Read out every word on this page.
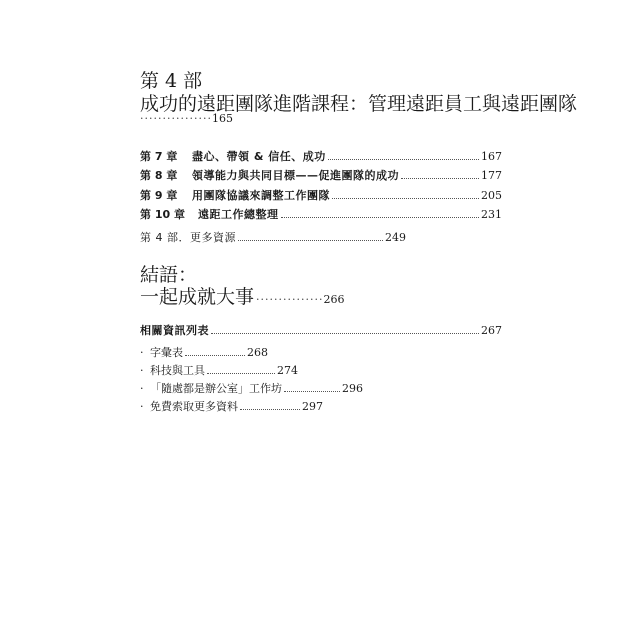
第 4 部
成功的遠距團隊進階課程：管理遠距員工與遠距團隊
················165
第 7 章	盡心、帶領 & 信任、成功	167
第 8 章	領導能力與共同目標——促進團隊的成功	177
第 9 章	用團隊協議來調整工作團隊	205
第 10 章	遠距工作總整理	231
第 4 部．更多資源	249
結語：
一起成就大事 ··············· 266
相關資訊列表	267
· 字彙表	268
· 科技與工具	274
· 「隨處都是辦公室」工作坊	296
· 免費索取更多資料	297
